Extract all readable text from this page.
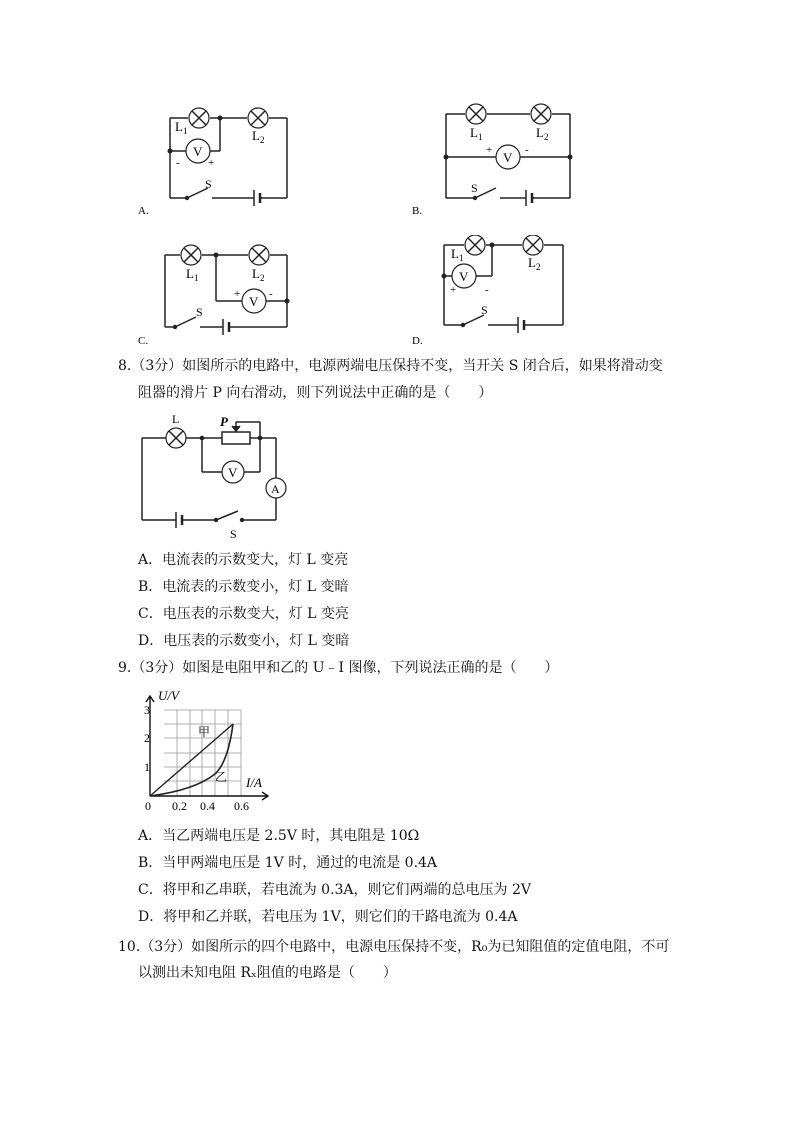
V
-	+
$L_1$	$L_2$
S
A.
V
+	-
$L_1$	$L_2$
S
B.
V
+	-
$L_1$	$L_2$
S
C.
V
+	-
$L_1$	$L_2$
S
D.
8.（3分）如图所示的电路中，电源两端电压保持不变，当开关 S 闭合后，如果将滑动变
阻器的滑片 P 向右滑动，则下列说法中正确的是（　　）
L	P
V
A
S
A．电流表的示数变大，灯 L 变亮
B．电流表的示数变小，灯 L 变暗
C．电压表的示数变大，灯 L 变亮
D．电压表的示数变小，灯 L 变暗
9.（3分）如图是电阻甲和乙的 U﹣I 图像，下列说法正确的是（　　）
U/V
I/A
3
2
1
0 0.2 0.4 0.6
甲
乙
A．当乙两端电压是 2.5V 时，其电阻是 10Ω
B．当甲两端电压是 1V 时，通过的电流是 0.4A
C．将甲和乙串联，若电流为 0.3A，则它们两端的总电压为 2V
D．将甲和乙并联，若电压为 1V，则它们的干路电流为 0.4A
10.（3分）如图所示的四个电路中，电源电压保持不变，R₀为已知阻值的定值电阻，不可
以测出未知电阻 Rₓ阻值的电路是（　　）
